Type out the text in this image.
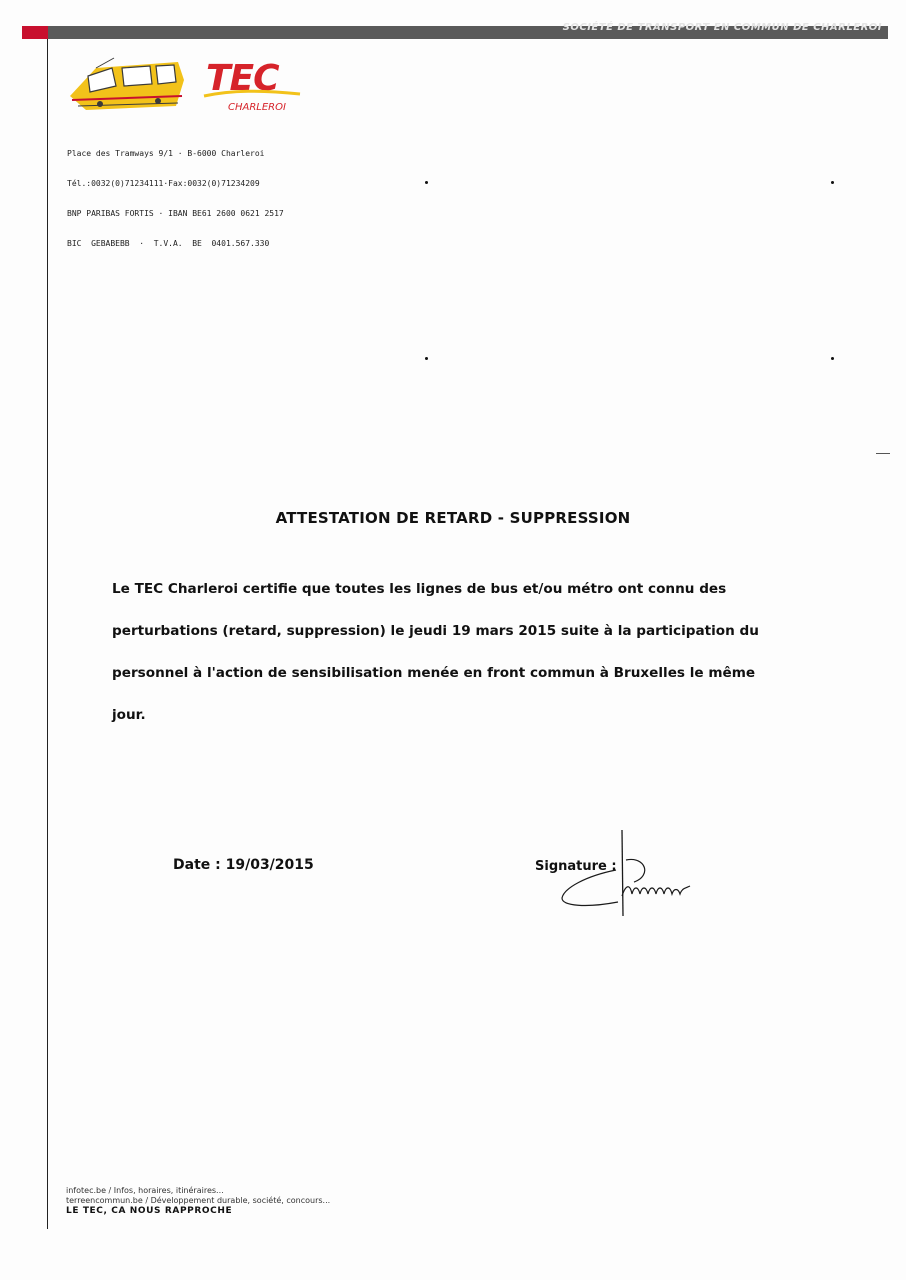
SOCIÉTÉ DE TRANSPORT EN COMMUN DE CHARLEROI
TEC
CHARLEROI

Place des Tramways 9/1 · B-6000 Charleroi

Tél.:0032(0)71234111·Fax:0032(0)71234209

BNP PARIBAS FORTIS · IBAN BE61 2600 0621 2517

BIC  GEBABEBB  ·  T.V.A.  BE  0401.567.330

ATTESTATION DE RETARD - SUPPRESSION
Le TEC Charleroi certifie que toutes les lignes de bus et/ou métro ont connu des
perturbations (retard, suppression) le jeudi 19 mars 2015 suite à la participation du
personnel à l'action de sensibilisation menée en front commun à Bruxelles le même
jour.
Date : 19/03/2015	Signature :
infotec.be / Infos, horaires, itinéraires...
terreencommun.be / Développement durable, société, concours...
LE TEC, CA NOUS RAPPROCHE
